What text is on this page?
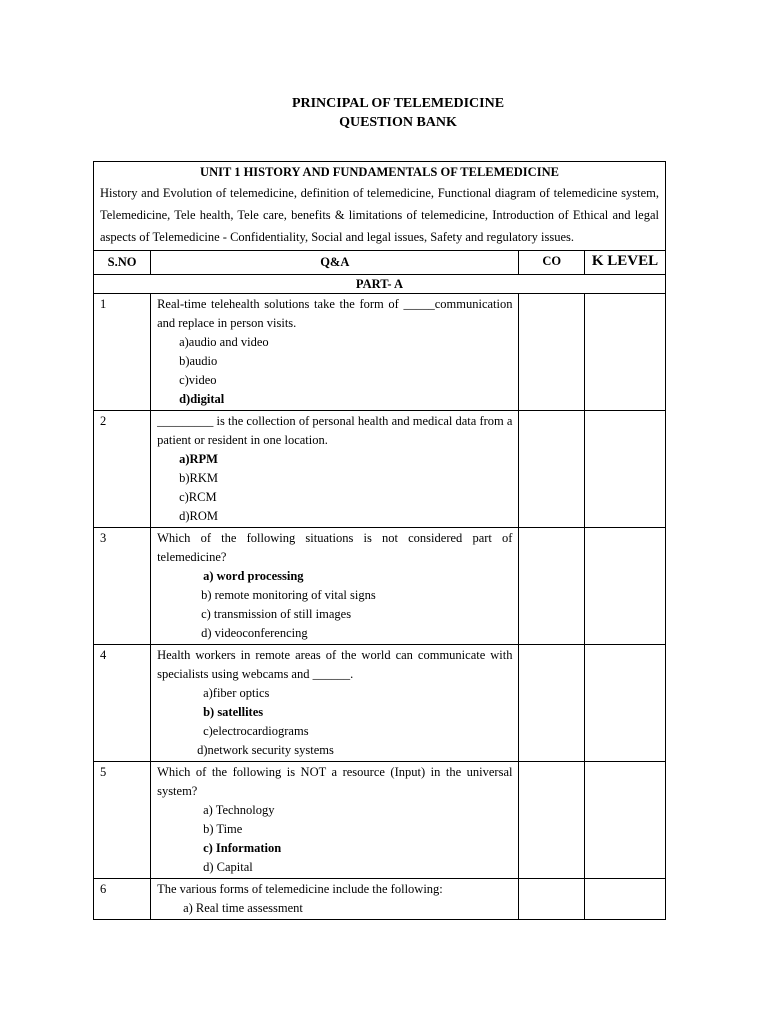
PRINCIPAL OF TELEMEDICINE
QUESTION BANK
UNIT 1 HISTORY AND FUNDAMENTALS OF TELEMEDICINE
History and Evolution of telemedicine, definition of telemedicine, Functional diagram of telemedicine system, Telemedicine, Tele health, Tele care, benefits & limitations of telemedicine, Introduction of Ethical and legal aspects of Telemedicine - Confidentiality, Social and legal issues, Safety and regulatory issues.			

S.NO	Q&A	CO	K LEVEL
PART- A			
1	Real-time telehealth solutions take the form of _____communication and replace in person visits.
a)audio and video
b)audio
c)video
d)digital		

2	_________ is the collection of personal health and medical data from a patient or resident in one location.
a)RPM
b)RKM
c)RCM
d)ROM		

3	Which of the following situations is not considered part of telemedicine?
a) word processing
b) remote monitoring of vital signs
c) transmission of still images
d) videoconferencing		

4	Health workers in remote areas of the world can communicate with specialists using webcams and ______.
a)fiber optics
b) satellites
c)electrocardiograms
d)network security systems		

5	Which of the following is NOT a resource (Input) in the universal system?
a) Technology
b) Time
c) Information
d) Capital		

6	The various forms of telemedicine include the following:
a) Real time assessment		
